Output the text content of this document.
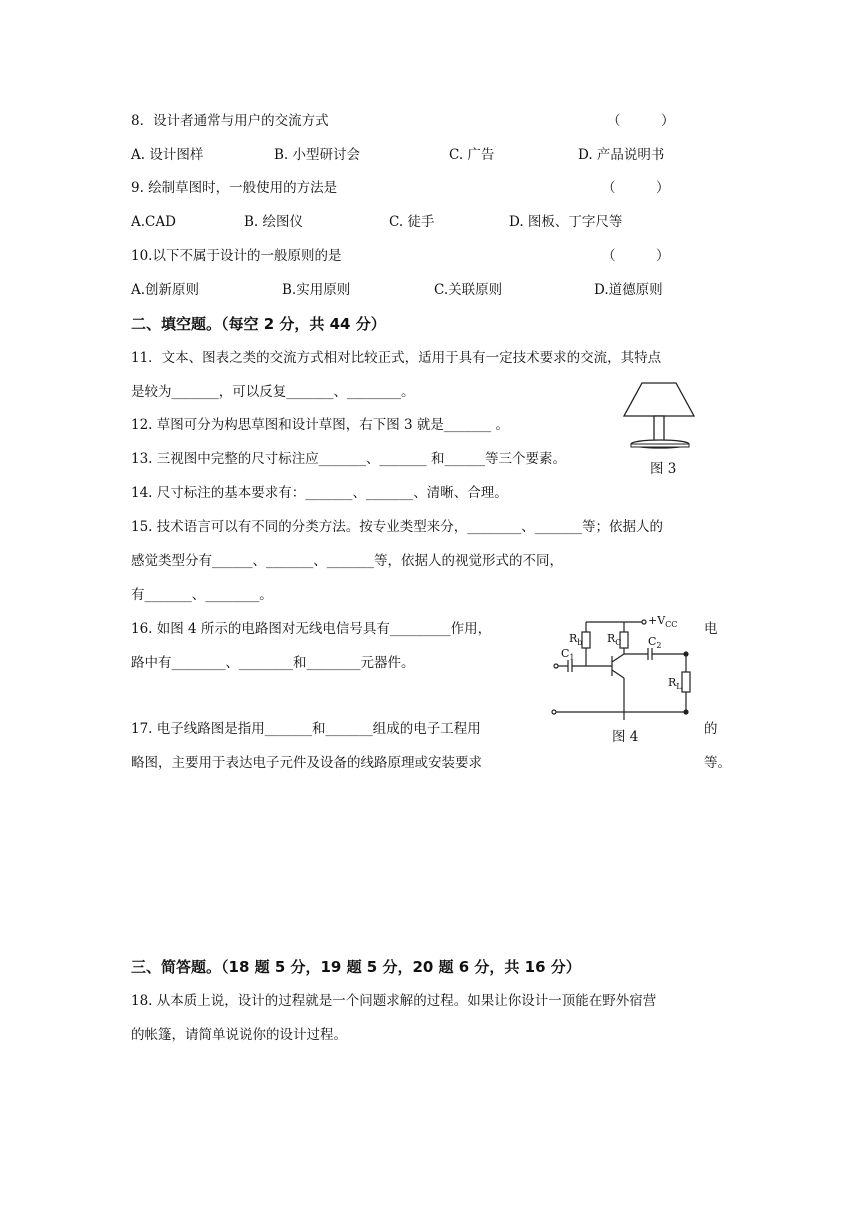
8．设计者通常与用户的交流方式	（　　　）
A. 设计图样	B. 小型研讨会	C. 广告	D. 产品说明书
9. 绘制草图时，一般使用的方法是	（　　　）
A.CAD	B. 绘图仪	C. 徒手	D. 图板、丁字尺等
10.以下不属于设计的一般原则的是	（　　　）
A.创新原则	B.实用原则	C.关联原则	D.道德原则
二、填空题。（每空 2 分，共 44 分）
11．文本、图表之类的交流方式相对比较正式，适用于具有一定技术要求的交流，其特点
是较为_______，可以反复_______、________。
12. 草图可分为构思草图和设计草图，右下图 3 就是_______ 。
13. 三视图中完整的尺寸标注应_______、_______ 和______等三个要素。
图 3
14. 尺寸标注的基本要求有：_______、_______、清晰、合理。
15. 技术语言可以有不同的分类方法。按专业类型来分，________、_______等；依据人的
感觉类型分有______、_______、_______等，依据人的视觉形式的不同，
有_______、________。
16. 如图 4 所示的电路图对无线电信号具有_________作用，	电
路中有________、________和________元器件。
$+V_{CC}$
$R_b$ $R_C$
$C_1$
$C_2$
$R_L$
17. 电子线路图是指用_______和_______组成的电子工程用	的
图 4
略图，主要用于表达电子元件及设备的线路原理或安装要求	等。
三、简答题。（18 题 5 分，19 题 5 分，20 题 6 分，共 16 分）
18. 从本质上说，设计的过程就是一个问题求解的过程。如果让你设计一顶能在野外宿营
的帐篷，请简单说说你的设计过程。
